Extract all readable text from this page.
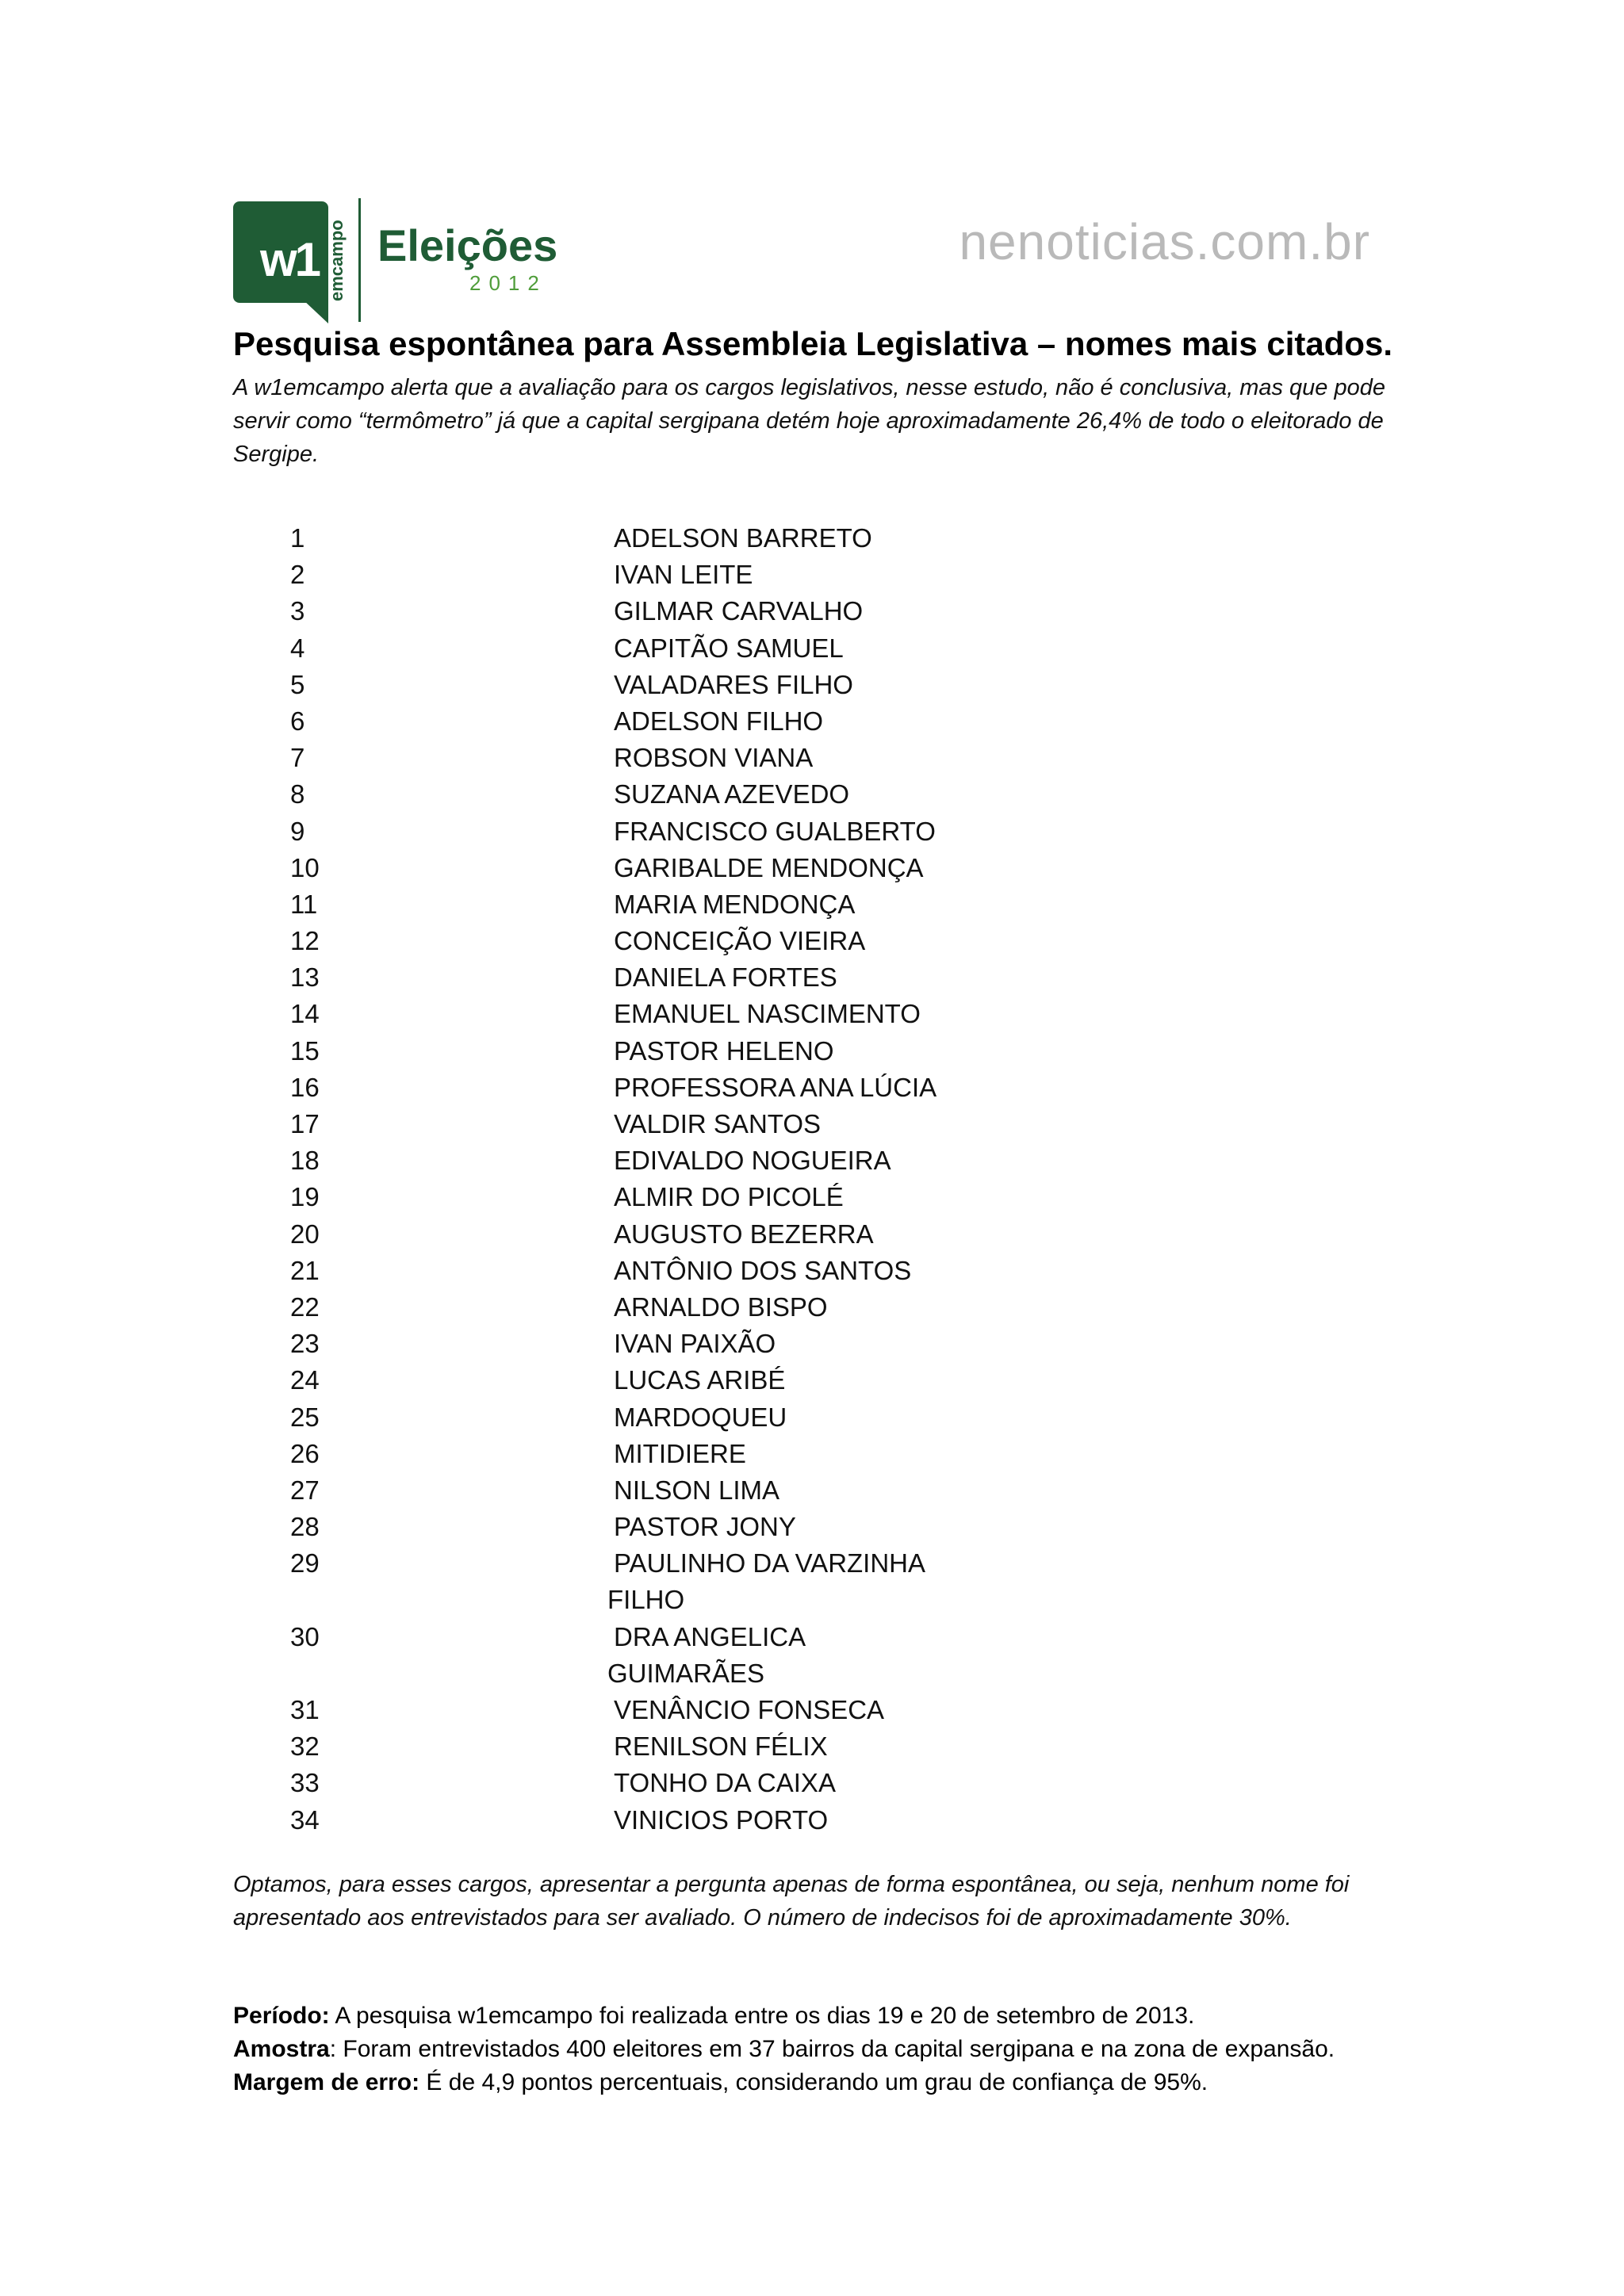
w1 emcampo Eleições
2012
nenoticias.com.br
Pesquisa espontânea para Assembleia Legislativa – nomes mais citados.

A w1emcampo alerta que a avaliação para os cargos legislativos, nesse estudo, não é conclusiva, mas que pode servir como “termômetro” já que a capital sergipana detém hoje aproximadamente 26,4% de todo o eleitorado de Sergipe.

1	ADELSON BARRETO
2	IVAN LEITE
3	GILMAR CARVALHO
4	CAPITÃO SAMUEL
5	VALADARES FILHO
6	ADELSON FILHO
7	ROBSON VIANA
8	SUZANA AZEVEDO
9	FRANCISCO GUALBERTO
10	GARIBALDE MENDONÇA
11	MARIA MENDONÇA
12	CONCEIÇÃO VIEIRA
13	DANIELA FORTES
14	EMANUEL NASCIMENTO
15	PASTOR HELENO
16	PROFESSORA ANA LÚCIA
17	VALDIR SANTOS
18	EDIVALDO NOGUEIRA
19	ALMIR DO PICOLÉ
20	AUGUSTO BEZERRA
21	ANTÔNIO DOS SANTOS
22	ARNALDO BISPO
23	IVAN PAIXÃO
24	LUCAS ARIBÉ
25	MARDOQUEU
26	MITIDIERE
27	NILSON LIMA
28	PASTOR JONY
29	PAULINHO DA VARZINHA FILHO
30	DRA ANGELICA GUIMARÃES
31	VENÂNCIO FONSECA
32	RENILSON FÉLIX
33	TONHO DA CAIXA
34	VINICIOS PORTO

Optamos, para esses cargos, apresentar a pergunta apenas de forma espontânea, ou seja, nenhum nome foi apresentado aos entrevistados para ser avaliado. O número de indecisos foi de aproximadamente 30%.

Período: A pesquisa w1emcampo foi realizada entre os dias 19 e 20 de setembro de 2013.
Amostra: Foram entrevistados 400 eleitores em 37 bairros da capital sergipana e na zona de expansão.
Margem de erro: É de 4,9 pontos percentuais, considerando um grau de confiança de 95%.
